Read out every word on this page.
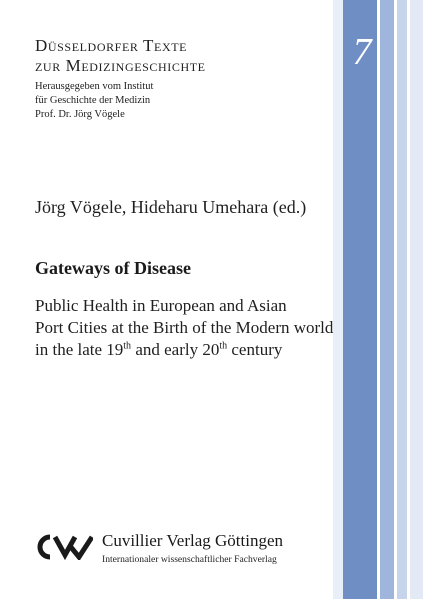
7
Düsseldorfer Texte
zur Medizingeschichte
Herausgegeben vom Institut
für Geschichte der Medizin
Prof. Dr. Jörg Vögele
Jörg Vögele, Hideharu Umehara (ed.)
Gateways of Disease
Public Health in European and Asian
Port Cities at the Birth of the Modern world
in the late 19th and early 20th century
Cuvillier Verlag Göttingen
Internationaler wissenschaftlicher Fachverlag
